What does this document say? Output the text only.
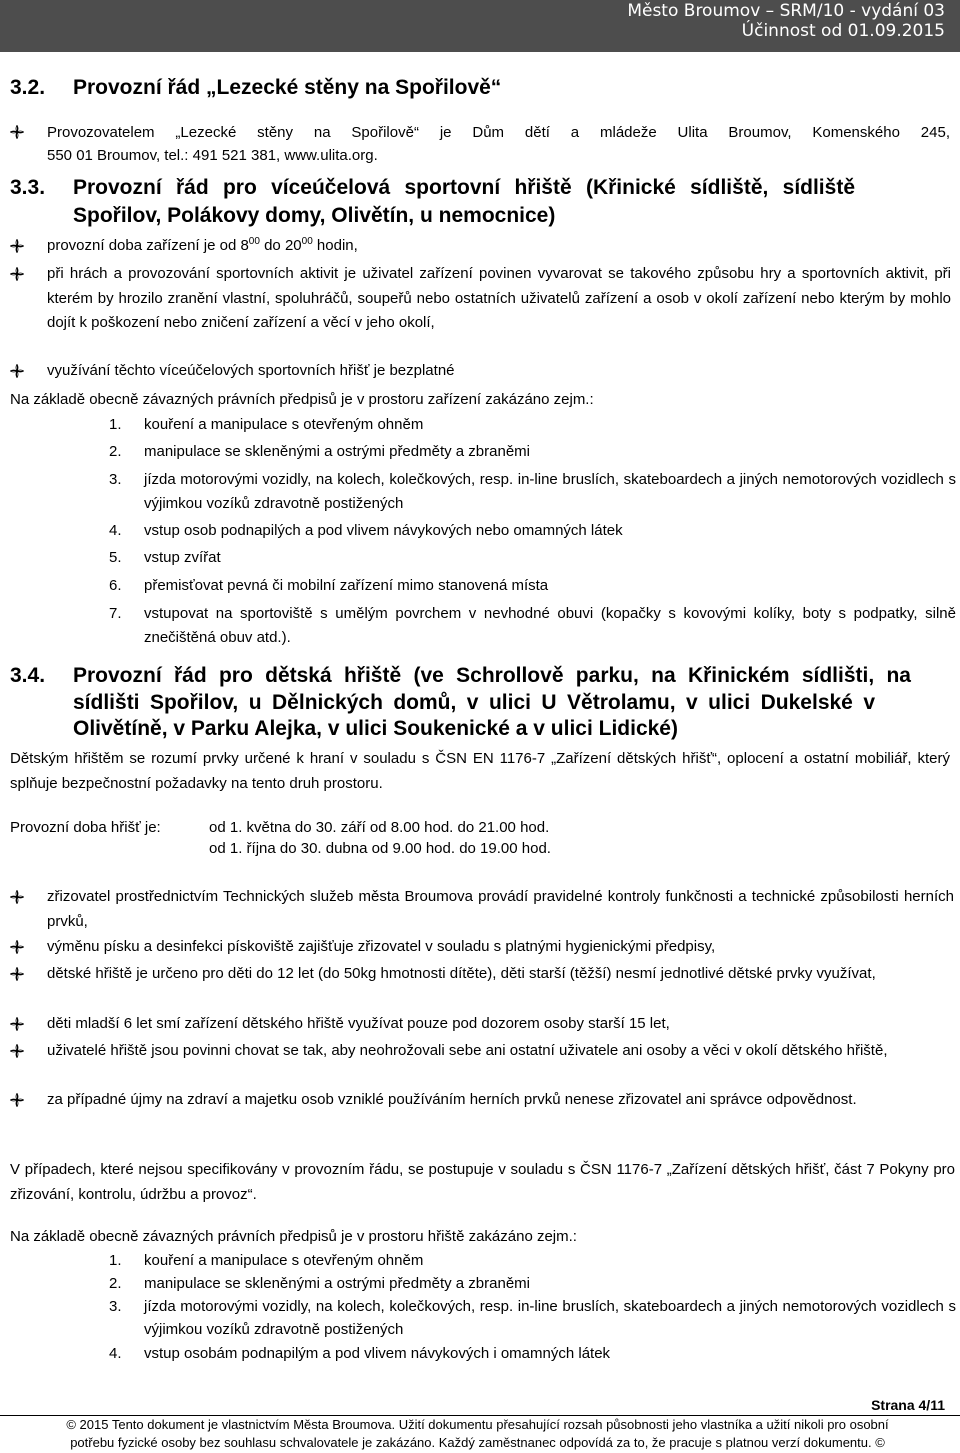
Město Broumov – SRM/10 - vydání 03
Účinnost od 01.09.2015
3.2. Provozní řád „Lezecké stěny na Spořilově“
Provozovatelem „Lezecké stěny na Spořilově“ je Dům dětí a mládeže Ulita Broumov, Komenského 245,
550 01 Broumov, tel.: 491 521 381, www.ulita.org.
3.3. Provozní řád pro víceúčelová sportovní hřiště (Křinické sídliště, sídliště
Spořilov, Polákovy domy, Olivětín, u nemocnice)
provozní doba zařízení je od $8^{00}$ do $20^{00}$ hodin,
při hrách a provozování sportovních aktivit je uživatel zařízení povinen vyvarovat se takového způsobu hry a sportovních aktivit, při kterém by hrozilo zranění vlastní, spoluhráčů, soupeřů nebo ostatních uživatelů zařízení a osob v okolí zařízení nebo kterým by mohlo dojít k poškození nebo zničení zařízení a věcí v jeho okolí,
využívání těchto víceúčelových sportovních hřišť je bezplatné
Na základě obecně závazných právních předpisů je v prostoru zařízení zakázáno zejm.:
1. kouření a manipulace s otevřeným ohněm
2. manipulace se skleněnými a ostrými předměty a zbraněmi
3. jízda motorovými vozidly, na kolech, kolečkových, resp. in-line bruslích, skateboardech a jiných nemotorových vozidlech s výjimkou vozíků zdravotně postižených
4. vstup osob podnapilých a pod vlivem návykových nebo omamných látek
5. vstup zvířat
6. přemisťovat pevná či mobilní zařízení mimo stanovená místa
7. vstupovat na sportoviště s umělým povrchem v nevhodné obuvi (kopačky s kovovými kolíky, boty s podpatky, silně znečištěná obuv atd.).
3.4. Provozní řád pro dětská hřiště (ve Schrollově parku, na Křinickém sídlišti, na
sídlišti Spořilov, u Dělnických domů, v ulici U Větrolamu, v ulici Dukelské v
Olivětíně, v Parku Alejka, v ulici Soukenické a v ulici Lidické)
Dětským hřištěm se rozumí prvky určené k hraní v souladu s ČSN EN 1176-7 „Zařízení dětských hřišť“, oplocení a ostatní mobiliář, který splňuje bezpečnostní požadavky na tento druh prostoru.
Provozní doba hřišť je:	od 1. května do 30. září od 8.00 hod. do 21.00 hod.
od 1. října do 30. dubna od 9.00 hod. do 19.00 hod.
zřizovatel prostřednictvím Technických služeb města Broumova provádí pravidelné kontroly funkčnosti a technické způsobilosti herních prvků,
výměnu písku a desinfekci pískoviště zajišťuje zřizovatel v souladu s platnými hygienickými předpisy,
dětské hřiště je určeno pro děti do 12 let (do 50kg hmotnosti dítěte), děti starší (těžší) nesmí jednotlivé dětské prvky využívat,
děti mladší 6 let smí zařízení dětského hřiště využívat pouze pod dozorem osoby starší 15 let,
uživatelé hřiště jsou povinni chovat se tak, aby neohrožovali sebe ani ostatní uživatele ani osoby a věci v okolí dětského hřiště,
za případné újmy na zdraví a majetku osob vzniklé používáním herních prvků nenese zřizovatel ani správce odpovědnost.
V případech, které nejsou specifikovány v provozním řádu, se postupuje v souladu s ČSN 1176-7 „Zařízení dětských hřišť, část 7 Pokyny pro zřizování, kontrolu, údržbu a provoz“.
Na základě obecně závazných právních předpisů je v prostoru hřiště zakázáno zejm.:
1. kouření a manipulace s otevřeným ohněm
2. manipulace se skleněnými a ostrými předměty a zbraněmi
3. jízda motorovými vozidly, na kolech, kolečkových, resp. in-line bruslích, skateboardech a jiných nemotorových vozidlech s výjimkou vozíků zdravotně postižených
4. vstup osobám podnapilým a pod vlivem návykových i omamných látek
Strana 4/11
© 2015 Tento dokument je vlastnictvím Města Broumova. Užití dokumentu přesahující rozsah působnosti jeho vlastníka a užití nikoli pro osobní
potřebu fyzické osoby bez souhlasu schvalovatele je zakázáno. Každý zaměstnanec odpovídá za to, že pracuje s platnou verzí dokumentu. ©
